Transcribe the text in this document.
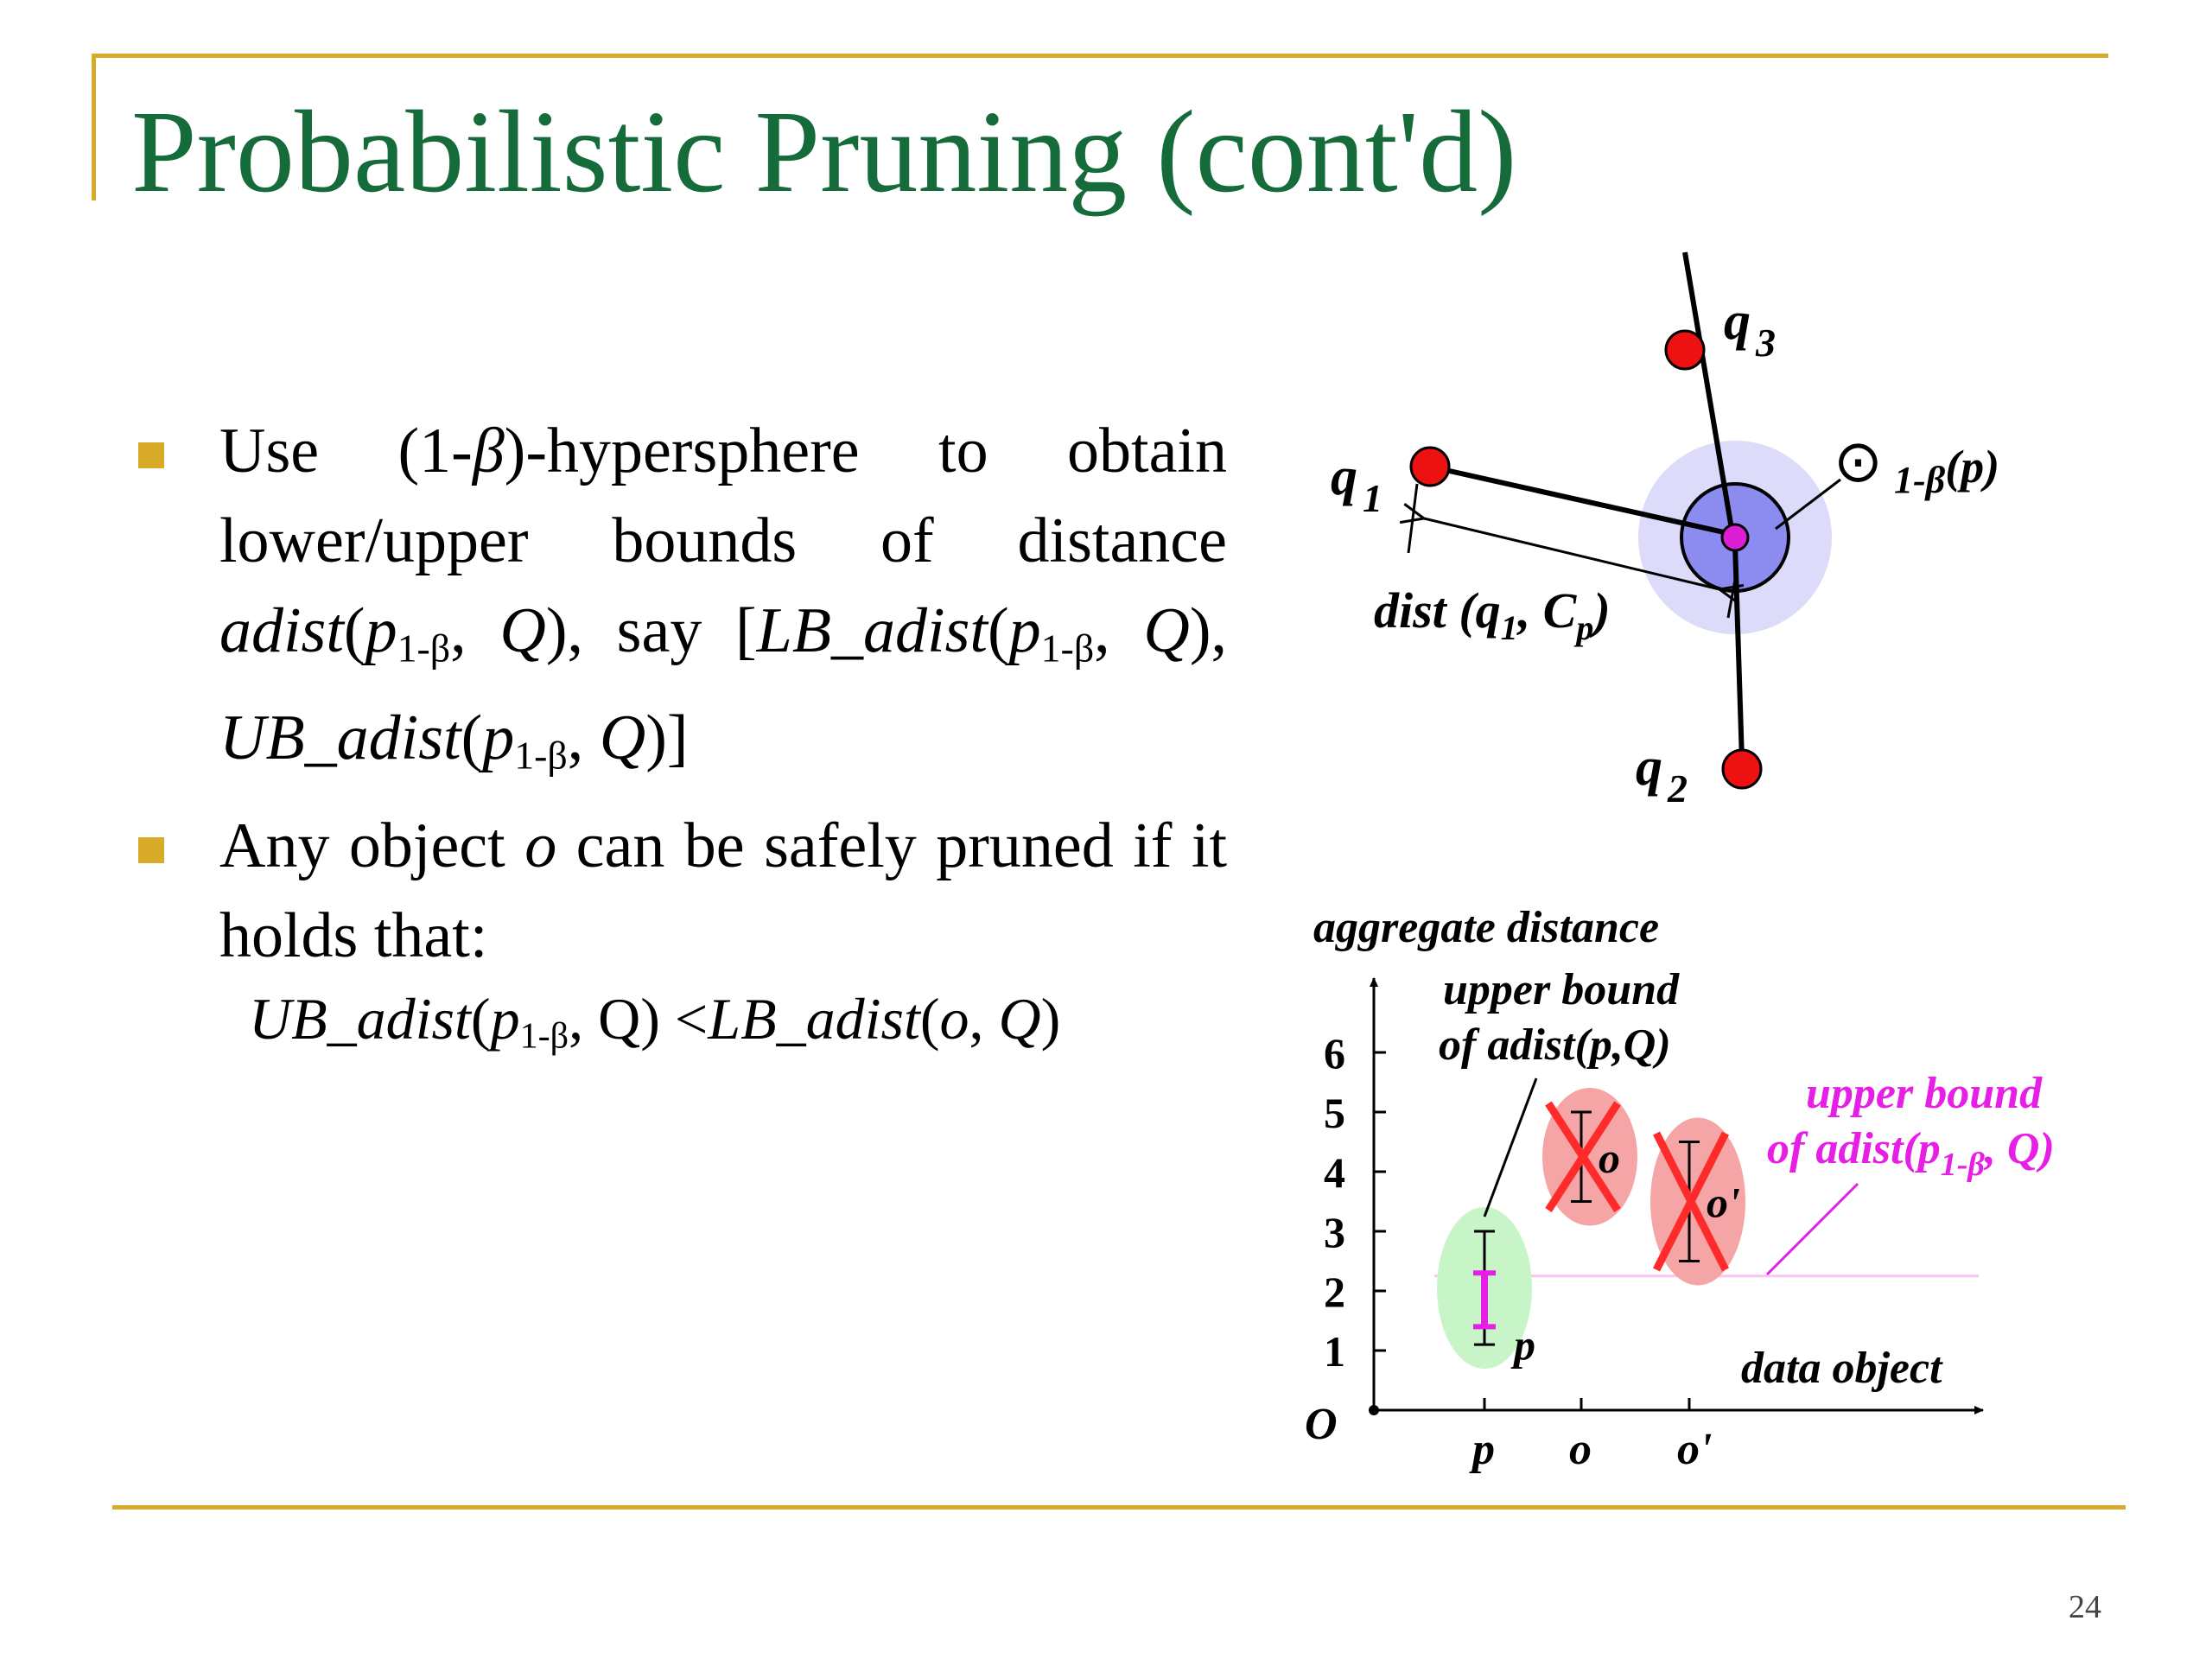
Probabilistic Pruning (cont'd)
Use (1-β)-hypersphere to obtain lower/upper bounds of distance $adist(p_{1-\beta}$, Q), say [$LB\_adist(p_{1-\beta}$, Q), $UB\_adist(p_{1-\beta}$, Q)]
Any object o can be safely pruned if it holds that:
$UB\_adist(p_{1-\beta}$, Q) <LB_adist(o, Q)
q $_3$
q $_1$
q $_2$
⊙ 1-β(p)
dist ($q_1$, $C_p$)
aggregate distance
data object
O
1
2
3
4
5
6
p
p
o
o
o'
o'
upper bound
of adist(p,Q)
upper bound
of $adist(p_{1-\beta}$, Q)
24
